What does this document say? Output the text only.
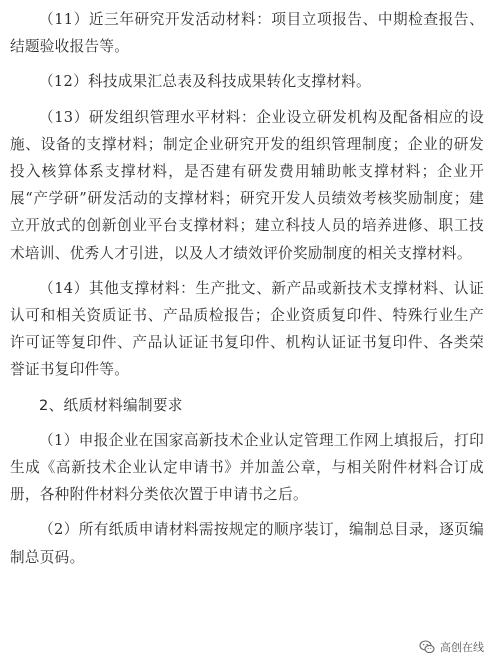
（11）近三年研究开发活动材料：项目立项报告、中期检查报告、结题验收报告等。

（12）科技成果汇总表及科技成果转化支撑材料。

（13）研发组织管理水平材料：企业设立研发机构及配备相应的设施、设备的支撑材料；制定企业研究开发的组织管理制度；企业的研发投入核算体系支撑材料，是否建有研发费用辅助帐支撑材料；企业开展“产学研”研发活动的支撑材料；研究开发人员绩效考核奖励制度；建立开放式的创新创业平台支撑材料；建立科技人员的培养进修、职工技术培训、优秀人才引进，以及人才绩效评价奖励制度的相关支撑材料。

（14）其他支撑材料：生产批文、新产品或新技术支撑材料、认证认可和相关资质证书、产品质检报告；企业资质复印件、特殊行业生产许可证等复印件、产品认证证书复印件、机构认证证书复印件、各类荣誉证书复印件等。

2、纸质材料编制要求

（1）申报企业在国家高新技术企业认定管理工作网上填报后，打印生成《高新技术企业认定申请书》并加盖公章，与相关附件材料合订成册，各种附件材料分类依次置于申请书之后。

（2）所有纸质申请材料需按规定的顺序装订，编制总目录，逐页编制总页码。

高创在线
